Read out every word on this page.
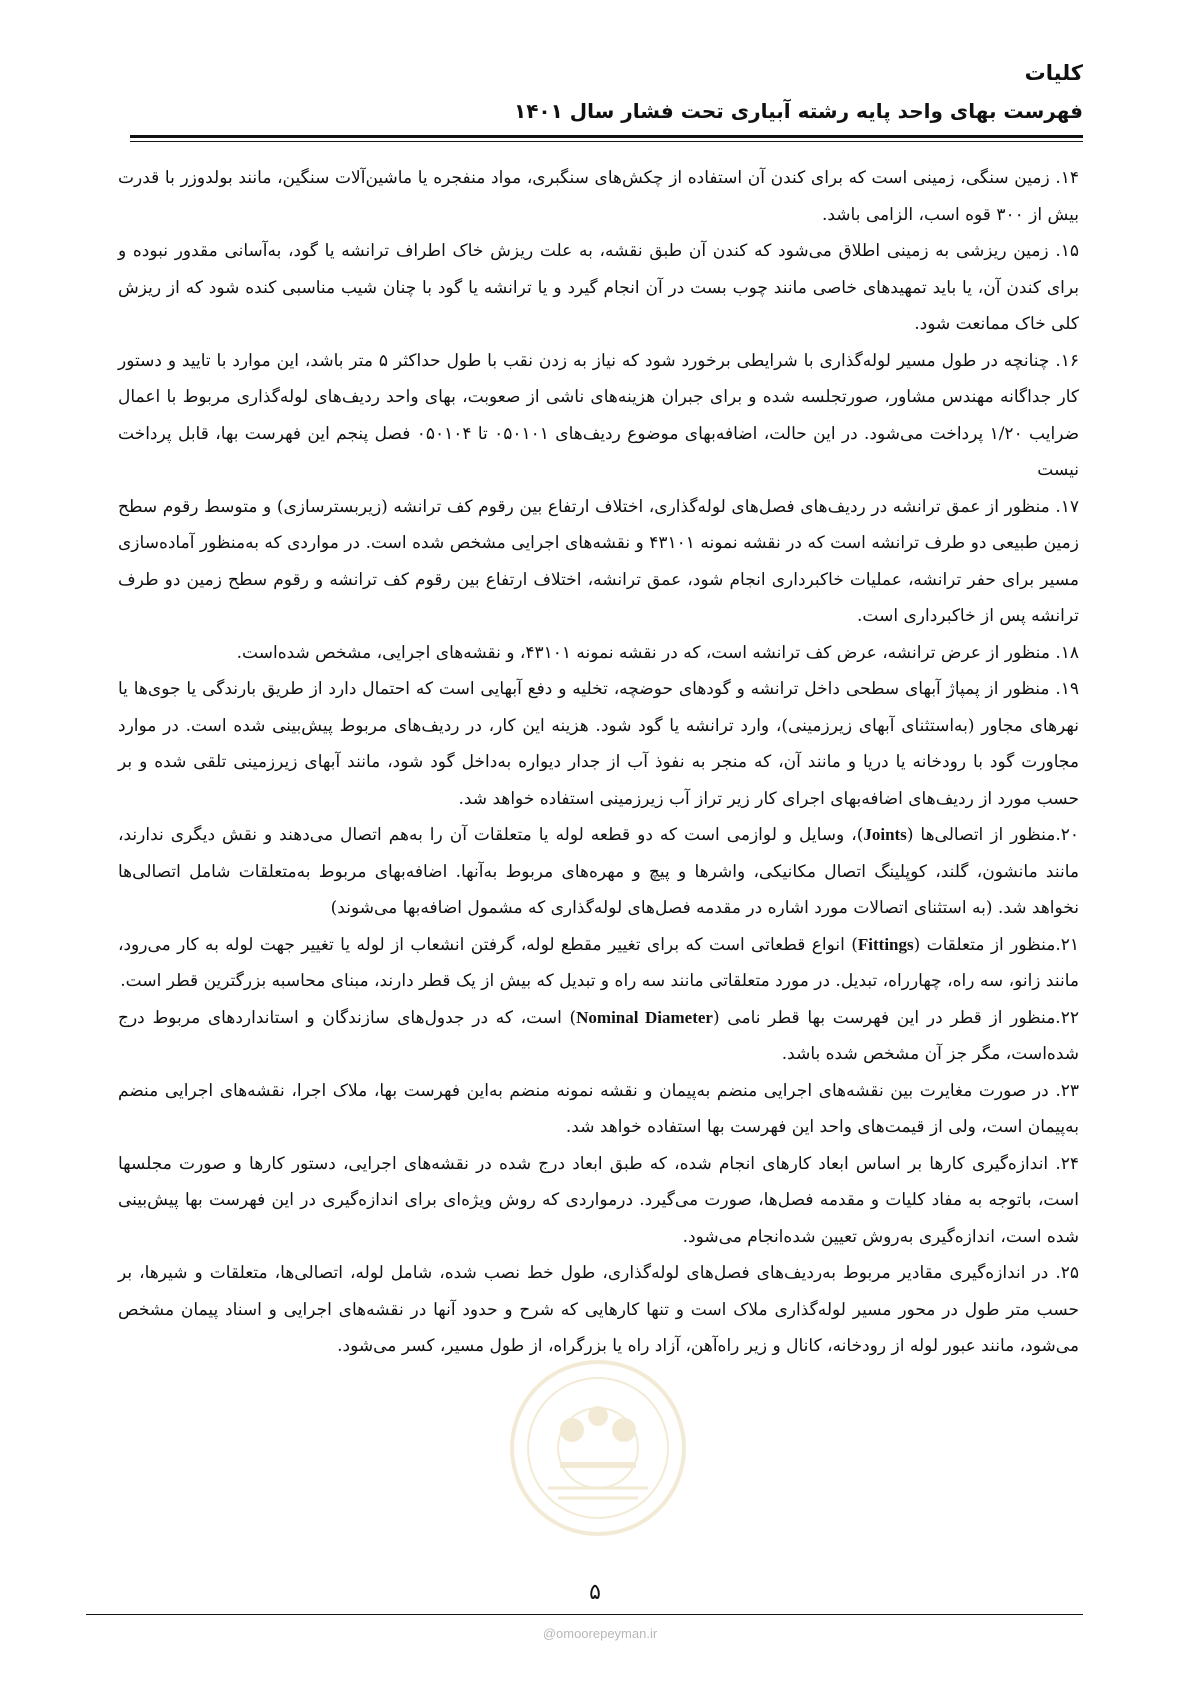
کلیات
فهرست بهای واحد پایه رشته آبیاری تحت فشار سال ۱۴۰۱

۱۴. زمین سنگی، زمینی است که برای کندن آن استفاده از چکش‌های سنگبری، مواد منفجره یا ماشین‌آلات سنگین، مانند بولدوزر با قدرت بیش از ۳۰۰ قوه اسب، الزامی باشد.

۱۵. زمین ریزشی به زمینی اطلاق می‌شود که کندن آن طبق نقشه، به علت ریزش خاک اطراف ترانشه یا گود، به‌آسانی مقدور نبوده و برای کندن آن، یا باید تمهیدهای خاصی مانند چوب بست در آن انجام گیرد و یا ترانشه یا گود با چنان شیب مناسبی کنده شود که از ریزش کلی خاک ممانعت شود.

۱۶. چنانچه در طول مسیر لوله‌گذاری با شرایطی برخورد شود که نیاز به زدن نقب با طول حداکثر ۵ متر باشد، این موارد با تایید و دستور کار جداگانه مهندس مشاور، صورتجلسه شده و برای جبران هزینه‌های ناشی از صعوبت، بهای واحد ردیف‌های لوله‌گذاری مربوط با اعمال ضرایب ۱/۲۰ پرداخت می‌شود. در این حالت، اضافه‌بهای موضوع ردیف‌های ۰۵۰۱۰۱ تا ۰۵۰۱۰۴ فصل پنجم این فهرست بها، قابل پرداخت نیست

۱۷. منظور از عمق ترانشه در ردیف‌های فصل‌های لوله‌گذاری، اختلاف ارتفاع بین رقوم کف ترانشه (زیربسترسازی) و متوسط رقوم سطح زمین طبیعی دو طرف ترانشه است که در نقشه نمونه ۴۳۱۰۱ و نقشه‌های اجرایی مشخص شده است. در مواردی که به‌منظور آماده‌سازی مسیر برای حفر ترانشه، عملیات خاکبرداری انجام شود، عمق ترانشه، اختلاف ارتفاع بین رقوم کف ترانشه و رقوم سطح زمین دو طرف ترانشه پس از خاکبرداری است.

۱۸. منظور از عرض ترانشه، عرض کف ترانشه است، که در نقشه نمونه ۴۳۱۰۱، و نقشه‌های اجرایی، مشخص شده‌است.

۱۹. منظور از پمپاژ آبهای سطحی داخل ترانشه و گودهای حوضچه، تخلیه و دفع آبهایی است که احتمال دارد از طریق بارندگی یا جوی‌ها یا نهرهای مجاور (به‌استثنای آبهای زیرزمینی)، وارد ترانشه یا گود شود. هزینه این کار، در ردیف‌های مربوط پیش‌بینی شده است. در موارد مجاورت گود با رودخانه یا دریا و مانند آن، که منجر به نفوذ آب از جدار دیواره به‌داخل گود شود، مانند آبهای زیرزمینی تلقی شده و بر حسب مورد از ردیف‌های اضافه‌بهای اجرای کار زیر تراز آب زیرزمینی استفاده خواهد شد.

۲۰.منظور از اتصالی‌ها (Joints)، وسایل و لوازمی است که دو قطعه لوله یا متعلقات آن را به‌هم اتصال می‌دهند و نقش دیگری ندارند، مانند مانشون، گلند، کوپلینگ اتصال مکانیکی، واشرها و پیچ و مهره‌های مربوط به‌آنها. اضافه‌بهای مربوط به‌متعلقات شامل اتصالی‌ها نخواهد شد. (به استثنای اتصالات مورد اشاره در مقدمه فصل‌های لوله‌گذاری که مشمول اضافه‌بها می‌شوند)

۲۱.منظور از متعلقات (Fittings) انواع قطعاتی است که برای تغییر مقطع لوله، گرفتن انشعاب از لوله یا تغییر جهت لوله به کار می‌رود، مانند زانو، سه راه، چهارراه، تبدیل. در مورد متعلقاتی مانند سه راه و تبدیل که بیش از یک قطر دارند، مبنای محاسبه بزرگترین قطر است.

۲۲.منظور از قطر در این فهرست بها قطر نامی (Nominal Diameter) است، که در جدول‌های سازندگان و استانداردهای مربوط درج شده‌است، مگر جز آن مشخص شده باشد.

۲۳. در صورت مغایرت بین نقشه‌های اجرایی منضم به‌پیمان و نقشه نمونه منضم به‌این فهرست بها، ملاک اجرا، نقشه‌های اجرایی منضم به‌پیمان است، ولی از قیمت‌های واحد این فهرست بها استفاده خواهد شد.

۲۴. اندازه‌گیری کارها بر اساس ابعاد کارهای انجام شده، که طبق ابعاد درج شده در نقشه‌های اجرایی، دستور کارها و صورت مجلسها است، باتوجه به مفاد کلیات و مقدمه فصل‌ها، صورت می‌گیرد. درمواردی که روش ویژه‌ای برای اندازه‌گیری در این فهرست بها پیش‌بینی شده است، اندازه‌گیری به‌روش تعیین شده‌انجام می‌شود.

۲۵. در اندازه‌گیری مقادیر مربوط به‌ردیف‌های فصل‌های لوله‌گذاری، طول خط نصب شده، شامل لوله، اتصالی‌ها، متعلقات و شیرها، بر حسب متر طول در محور مسیر لوله‌گذاری ملاک است و تنها کارهایی که شرح و حدود آنها در نقشه‌های اجرایی و اسناد پیمان مشخص می‌شود، مانند عبور لوله از رودخانه، کانال و زیر راه‌آهن، آزاد راه یا بزرگراه، از طول مسیر، کسر می‌شود.

۵
@omoorepeyman.ir
